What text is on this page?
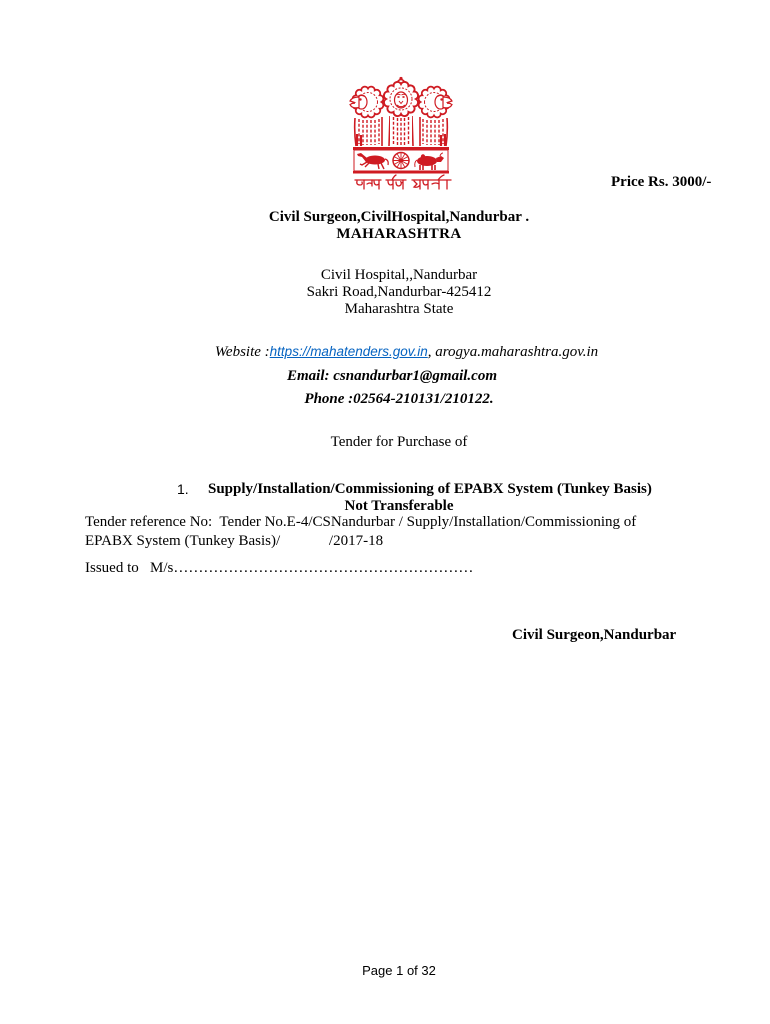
Price Rs. 3000/-
Civil Surgeon,CivilHospital,Nandurbar .
MAHARASHTRA
Civil Hospital,,Nandurbar
Sakri Road,Nandurbar-425412
Maharashtra State

Website :https://mahatenders.gov.in, arogya.maharashtra.gov.in

Email: csnandurbar1@gmail.com
Phone :02564-210131/210122.
Tender for Purchase of
1. Supply/Installation/Commissioning of EPABX System (Tunkey Basis)
Not Transferable
Tender reference No:  Tender No.E-4/CSNandurbar / Supply/Installation/Commissioning of
EPABX System (Tunkey Basis)/             /2017-18
Issued to   M/s……………………………………………………
Civil Surgeon,Nandurbar
Page 1 of 32
